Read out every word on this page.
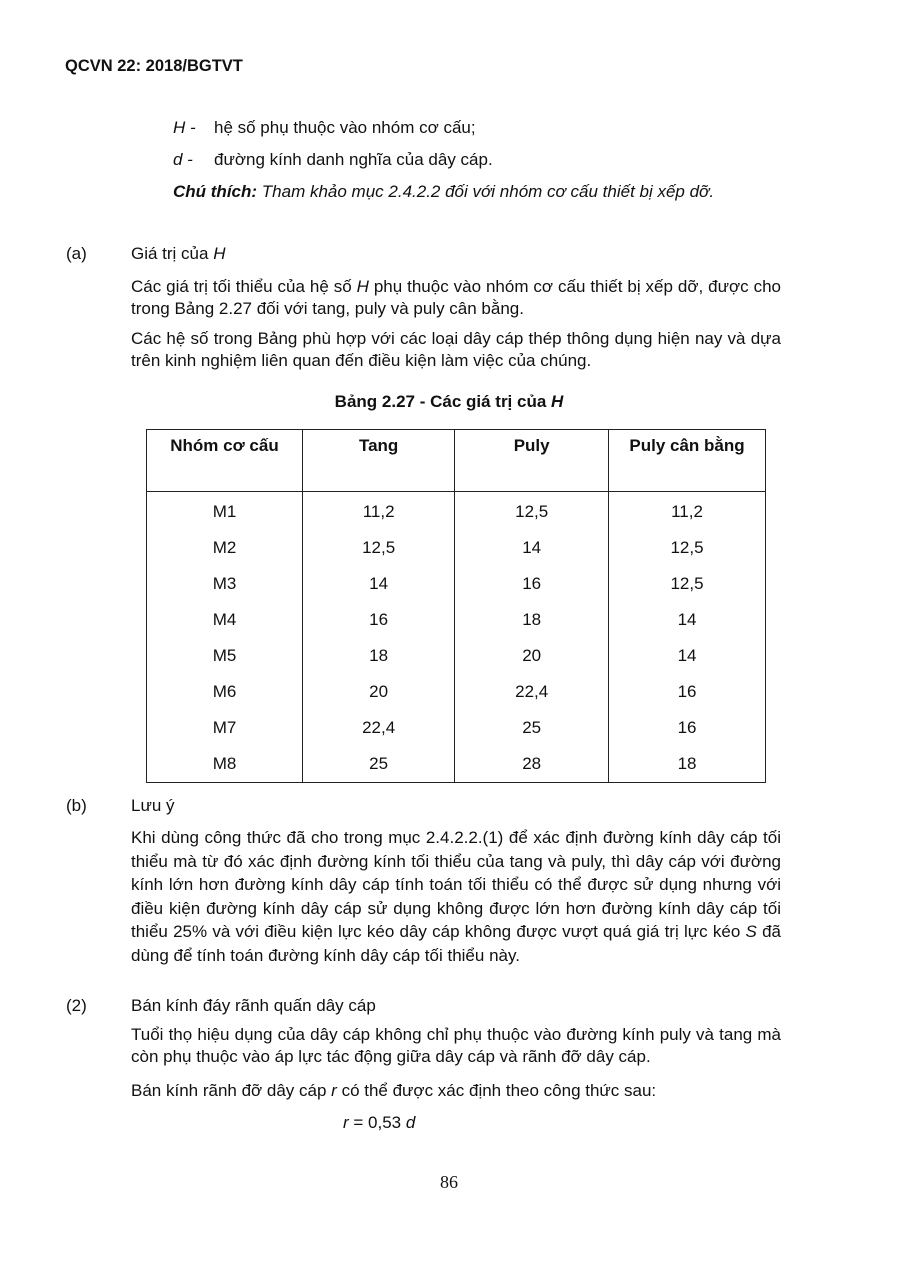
QCVN 22: 2018/BGTVT
H - hệ số phụ thuộc vào nhóm cơ cấu;
d - đường kính danh nghĩa của dây cáp.
Chú thích: Tham khảo mục 2.4.2.2 đối với nhóm cơ cấu thiết bị xếp dỡ.
(a)	Giá trị của H
Các giá trị tối thiểu của hệ số H phụ thuộc vào nhóm cơ cấu thiết bị xếp dỡ, được cho trong Bảng 2.27 đối với tang, puly và puly cân bằng.
Các hệ số trong Bảng phù hợp với các loại dây cáp thép thông dụng hiện nay và dựa trên kinh nghiệm liên quan đến điều kiện làm việc của chúng.
Bảng 2.27 - Các giá trị của H
Nhóm cơ cấu	Tang	Puly	Puly cân bằng
M1	11,2	12,5	11,2
M2	12,5	14	12,5
M3	14	16	12,5
M4	16	18	14
M5	18	20	14
M6	20	22,4	16
M7	22,4	25	16
M8	25	28	18
(b)	Lưu ý
Khi dùng công thức đã cho trong mục 2.4.2.2.(1) để xác định đường kính dây cáp tối thiểu mà từ đó xác định đường kính tối thiểu của tang và puly, thì dây cáp với đường kính lớn hơn đường kính dây cáp tính toán tối thiểu có thể được sử dụng nhưng với điều kiện đường kính dây cáp sử dụng không được lớn hơn đường kính dây cáp tối thiểu 25% và với điều kiện lực kéo dây cáp không được vượt quá giá trị lực kéo S đã dùng để tính toán đường kính dây cáp tối thiểu này.
(2)	Bán kính đáy rãnh quấn dây cáp
Tuổi thọ hiệu dụng của dây cáp không chỉ phụ thuộc vào đường kính puly và tang mà còn phụ thuộc vào áp lực tác động giữa dây cáp và rãnh đỡ dây cáp.
Bán kính rãnh đỡ dây cáp r có thể được xác định theo công thức sau:
r = 0,53 d
86
